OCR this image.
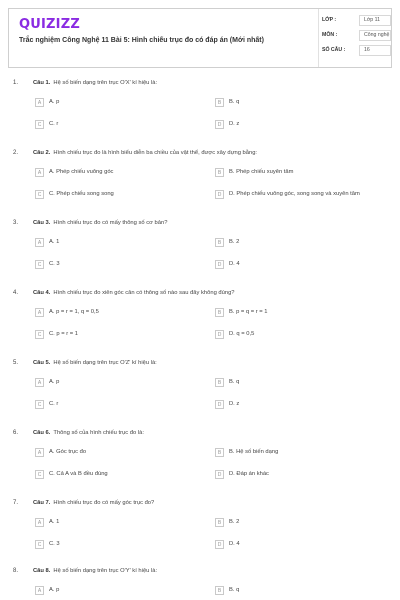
QUIZIZZ
Trắc nghiệm Công Nghệ 11 Bài 5: Hình chiếu trục đo có đáp án (Mới nhất)
LỚP :	Lớp 11
MÔN :	Công nghệ
SỐ CÂU :	16
1.	Câu 1. Hệ số biến dạng trên trục O'X' kí hiệu là:
A	A. p	B	B. q
C	C. r	D	D. z
2.	Câu 2. Hình chiếu trục đo là hình biểu diễn ba chiều của vật thể, được xây dựng bằng:
A	A. Phép chiếu vuông góc	B	B. Phép chiếu xuyên tâm
C	C. Phép chiếu song song	D	D. Phép chiếu vuông góc, song song và xuyên tâm
3.	Câu 3. Hình chiếu trục đo có mấy thông số cơ bản?
A	A. 1	B	B. 2
C	C. 3	D	D. 4
4.	Câu 4. Hình chiếu trục đo xiên góc cân có thông số nào sau đây không đúng?
A	A. p = r = 1, q = 0,5	B	B. p = q = r = 1
C	C. p = r = 1	D	D. q = 0,5
5.	Câu 5. Hệ số biến dạng trên trục O'Z' kí hiệu là:
A	A. p	B	B. q
C	C. r	D	D. z
6.	Câu 6. Thông số của hình chiếu trục đo là:
A	A. Góc trục đo	B	B. Hệ số biến dạng
C	C. Cả A và B đều đúng	D	D. Đáp án khác
7.	Câu 7. Hình chiếu trục đo có mấy góc trục đo?
A	A. 1	B	B. 2
C	C. 3	D	D. 4
8.	Câu 8. Hệ số biến dạng trên trục O'Y' kí hiệu là:
A	A. p	B	B. q
